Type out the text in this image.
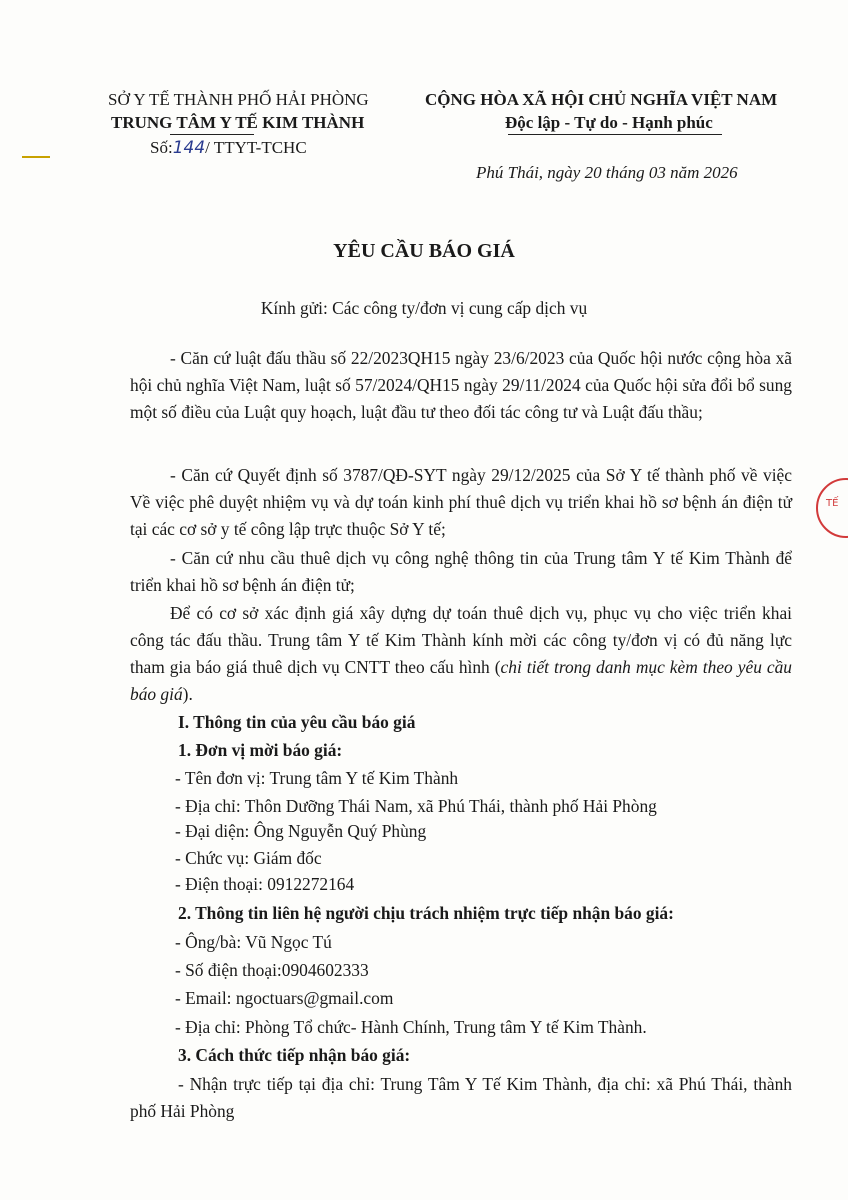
SỞ Y TẾ THÀNH PHỐ HẢI PHÒNG
TRUNG TÂM Y TẾ KIM THÀNH
Số:144/ TTYT-TCHC
CỘNG HÒA XÃ HỘI CHỦ NGHĨA VIỆT NAM
Độc lập - Tự do - Hạnh phúc
Phú Thái, ngày 20 tháng 03 năm 2026
YÊU CẦU BÁO GIÁ
Kính gửi: Các công ty/đơn vị cung cấp dịch vụ
- Căn cứ luật đấu thầu số 22/2023QH15 ngày 23/6/2023 của Quốc hội nước cộng hòa xã hội chủ nghĩa Việt Nam, luật số 57/2024/QH15 ngày 29/11/2024 của Quốc hội sửa đổi bổ sung một số điều của Luật quy hoạch, luật đầu tư theo đối tác công tư và Luật đấu thầu;
- Căn cứ Quyết định số 3787/QĐ-SYT ngày 29/12/2025 của Sở Y tế thành phố về việc Về việc phê duyệt nhiệm vụ và dự toán kinh phí thuê dịch vụ triển khai hồ sơ bệnh án điện tử tại các cơ sở y tế công lập trực thuộc Sở Y tế;
- Căn cứ nhu cầu thuê dịch vụ công nghệ thông tin của Trung tâm Y tế Kim Thành để triển khai hồ sơ bệnh án điện tử;
Để có cơ sở xác định giá xây dựng dự toán thuê dịch vụ, phục vụ cho việc triển khai công tác đấu thầu. Trung tâm Y tế Kim Thành kính mời các công ty/đơn vị có đủ năng lực tham gia báo giá thuê dịch vụ CNTT theo cấu hình (chi tiết trong danh mục kèm theo yêu cầu báo giá).
I. Thông tin của yêu cầu báo giá
1. Đơn vị mời báo giá:
- Tên đơn vị: Trung tâm Y tế Kim Thành
- Địa chỉ: Thôn Dưỡng Thái Nam, xã Phú Thái, thành phố Hải Phòng
- Đại diện: Ông Nguyễn Quý Phùng
- Chức vụ: Giám đốc
- Điện thoại: 0912272164
2. Thông tin liên hệ người chịu trách nhiệm trực tiếp nhận báo giá:
- Ông/bà: Vũ Ngọc Tú
- Số điện thoại:0904602333
- Email: ngoctuars@gmail.com
- Địa chỉ: Phòng Tổ chức- Hành Chính, Trung tâm Y tế Kim Thành.
3. Cách thức tiếp nhận báo giá:
- Nhận trực tiếp tại địa chỉ: Trung Tâm Y Tế Kim Thành, địa chỉ: xã Phú Thái, thành phố Hải Phòng
TẾ
